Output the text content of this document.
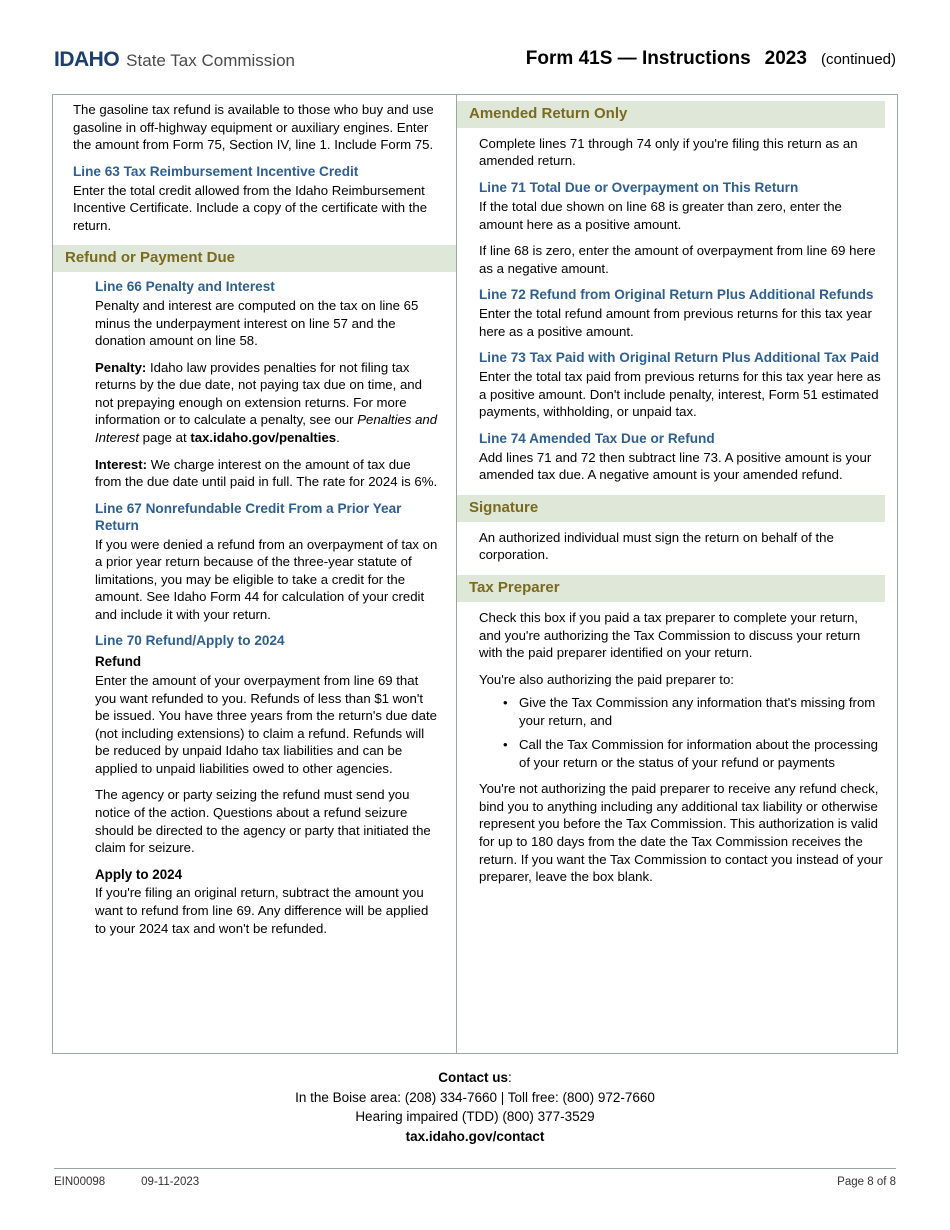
IDAHO State Tax Commission	Form 41S — Instructions 2023 (continued)

The gasoline tax refund is available to those who buy and use gasoline in off-highway equipment or auxiliary engines. Enter the amount from Form 75, Section IV, line 1. Include Form 75.

Line 63 Tax Reimbursement Incentive Credit

Enter the total credit allowed from the Idaho Reimbursement Incentive Certificate. Include a copy of the certificate with the return.

Refund or Payment Due
Line 66 Penalty and Interest

Penalty and interest are computed on the tax on line 65 minus the underpayment interest on line 57 and the donation amount on line 58.

Penalty: Idaho law provides penalties for not filing tax returns by the due date, not paying tax due on time, and not prepaying enough on extension returns. For more information or to calculate a penalty, see our Penalties and Interest page at tax.idaho.gov/penalties.

Interest: We charge interest on the amount of tax due from the due date until paid in full. The rate for 2024 is 6%.

Line 67 Nonrefundable Credit From a Prior Year Return

If you were denied a refund from an overpayment of tax on a prior year return because of the three-year statute of limitations, you may be eligible to take a credit for the amount. See Idaho Form 44 for calculation of your credit and include it with your return.

Line 70 Refund/Apply to 2024
Refund

Enter the amount of your overpayment from line 69 that you want refunded to you. Refunds of less than $1 won't be issued. You have three years from the return's due date (not including extensions) to claim a refund. Refunds will be reduced by unpaid Idaho tax liabilities and can be applied to unpaid liabilities owed to other agencies.

The agency or party seizing the refund must send you notice of the action. Questions about a refund seizure should be directed to the agency or party that initiated the claim for seizure.

Apply to 2024

If you're filing an original return, subtract the amount you want to refund from line 69. Any difference will be applied to your 2024 tax and won't be refunded.

Amended Return Only

Complete lines 71 through 74 only if you're filing this return as an amended return.

Line 71 Total Due or Overpayment on This Return

If the total due shown on line 68 is greater than zero, enter the amount here as a positive amount.

If line 68 is zero, enter the amount of overpayment from line 69 here as a negative amount.

Line 72 Refund from Original Return Plus Additional Refunds

Enter the total refund amount from previous returns for this tax year here as a positive amount.

Line 73 Tax Paid with Original Return Plus Additional Tax Paid

Enter the total tax paid from previous returns for this tax year here as a positive amount. Don't include penalty, interest, Form 51 estimated payments, withholding, or unpaid tax.

Line 74 Amended Tax Due or Refund

Add lines 71 and 72 then subtract line 73. A positive amount is your amended tax due. A negative amount is your amended refund.

Signature

An authorized individual must sign the return on behalf of the corporation.

Tax Preparer

Check this box if you paid a tax preparer to complete your return, and you're authorizing the Tax Commission to discuss your return with the paid preparer identified on your return.

You're also authorizing the paid preparer to:

• Give the Tax Commission any information that's missing from your return, and
• Call the Tax Commission for information about the processing of your return or the status of your refund or payments

You're not authorizing the paid preparer to receive any refund check, bind you to anything including any additional tax liability or otherwise represent you before the Tax Commission. This authorization is valid for up to 180 days from the date the Tax Commission receives the return. If you want the Tax Commission to contact you instead of your preparer, leave the box blank.

Contact us:
In the Boise area: (208) 334-7660 | Toll free: (800) 972-7660
Hearing impaired (TDD) (800) 377-3529
tax.idaho.gov/contact
EIN00098	09-11-2023	Page 8 of 8
